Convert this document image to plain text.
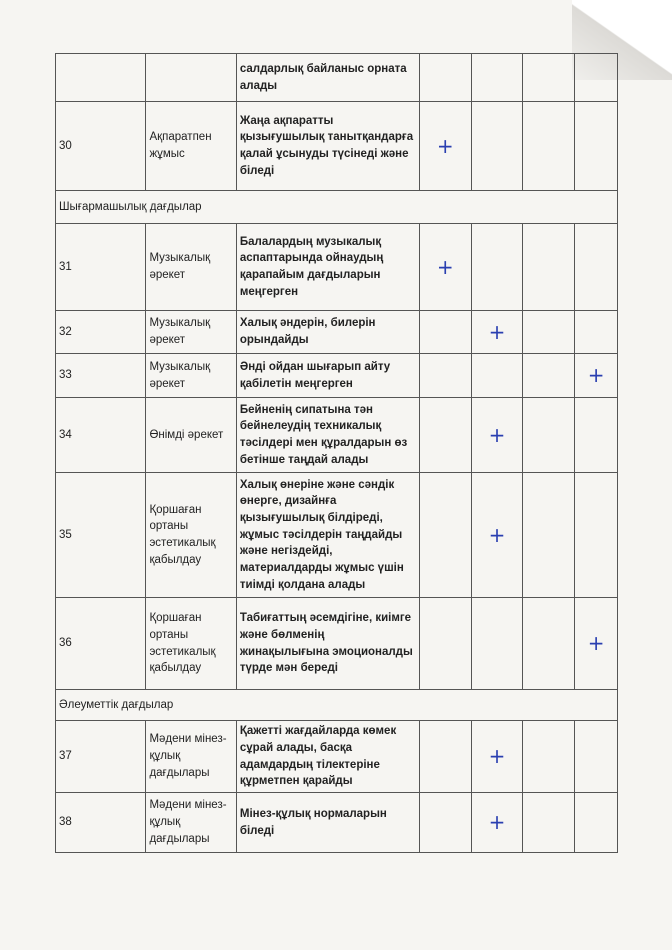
		салдарлық байланыс орната алады				
30	Ақпаратпен жұмыс	Жаңа ақпаратты қызығушылық танытқандарға қалай ұсынуды түсінеді және біледі	+			
Шығармашылық дағдылар						
31	Музыкалық әрекет	Балалардың музыкалық аспаптарында ойнаудың қарапайым дағдыларын меңгерген	+			
32	Музыкалық әрекет	Халық әндерін, билерін орындайды		+		
33	Музыкалық әрекет	Әнді ойдан шығарып айту қабілетін меңгерген				+
34	Өнімді әрекет	Бейненің сипатына тән бейнелеудің техникалық тәсілдері мен құралдарын өз бетінше таңдай алады		+		
35	Қоршаған ортаны эстетикалық қабылдау	Халық өнеріне және сәндік өнерге, дизайнға қызығушылық білдіреді, жұмыс тәсілдерін таңдайды және негіздейді, материалдарды жұмыс үшін тиімді қолдана алады		+		
36	Қоршаған ортаны эстетикалық қабылдау	Табиғаттың әсемдігіне, киімге және бөлменің жинақылығына эмоционалды түрде мән береді				+
Әлеуметтік дағдылар						
37	Мәдени мінез-құлық дағдылары	Қажетті жағдайларда көмек сұрай алады, басқа адамдардың тілектеріне құрметпен қарайды		+		
38	Мәдени мінез-құлық дағдылары	Мінез-құлық нормаларын біледі		+		
